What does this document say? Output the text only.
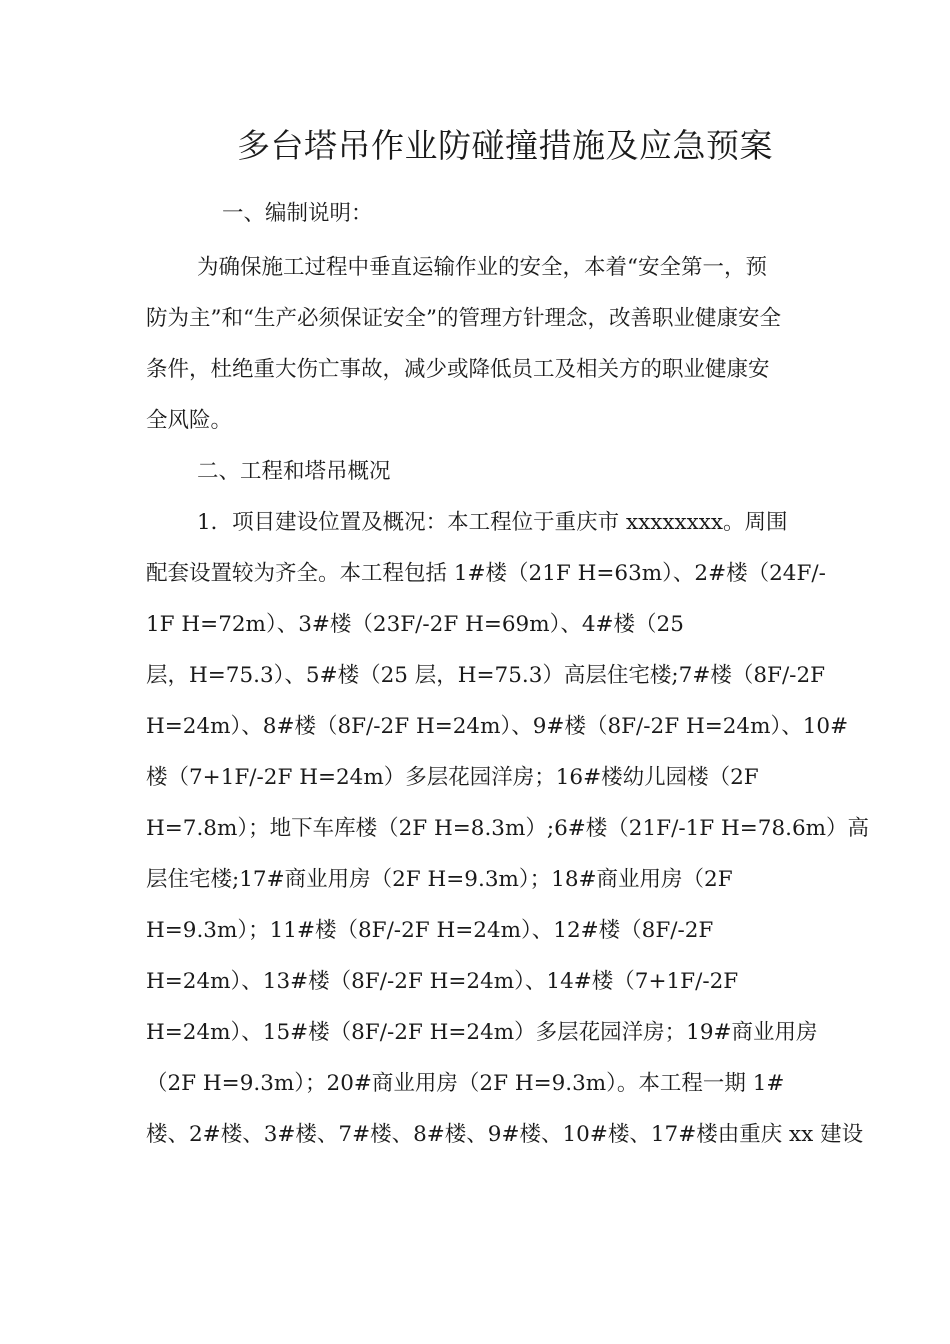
多台塔吊作业防碰撞措施及应急预案
一、编制说明：
为确保施工过程中垂直运输作业的安全，本着“安全第一，预
防为主”和“生产必须保证安全”的管理方针理念，改善职业健康安全
条件，杜绝重大伤亡事故，减少或降低员工及相关方的职业健康安
全风险。
二、工程和塔吊概况
1．项目建设位置及概况：本工程位于重庆市 xxxxxxxx。周围
配套设置较为齐全。本工程包括 1#楼（21F H=63m）、2#楼（24F/-
1F H=72m）、3#楼（23F/-2F H=69m）、4#楼（25
层，H=75.3）、5#楼（25 层，H=75.3）高层住宅楼;7#楼（8F/-2F
H=24m）、8#楼（8F/-2F H=24m）、9#楼（8F/-2F H=24m）、10#
楼（7+1F/-2F H=24m）多层花园洋房；16#楼幼儿园楼（2F
H=7.8m）；地下车库楼（2F H=8.3m）;6#楼（21F/-1F H=78.6m）高
层住宅楼;17#商业用房（2F H=9.3m）；18#商业用房（2F
H=9.3m）；11#楼（8F/-2F H=24m）、12#楼（8F/-2F
H=24m）、13#楼（8F/-2F H=24m）、14#楼（7+1F/-2F
H=24m）、15#楼（8F/-2F H=24m）多层花园洋房；19#商业用房
（2F H=9.3m）；20#商业用房（2F H=9.3m）。本工程一期 1#
楼、2#楼、3#楼、7#楼、8#楼、9#楼、10#楼、17#楼由重庆 xx 建设
